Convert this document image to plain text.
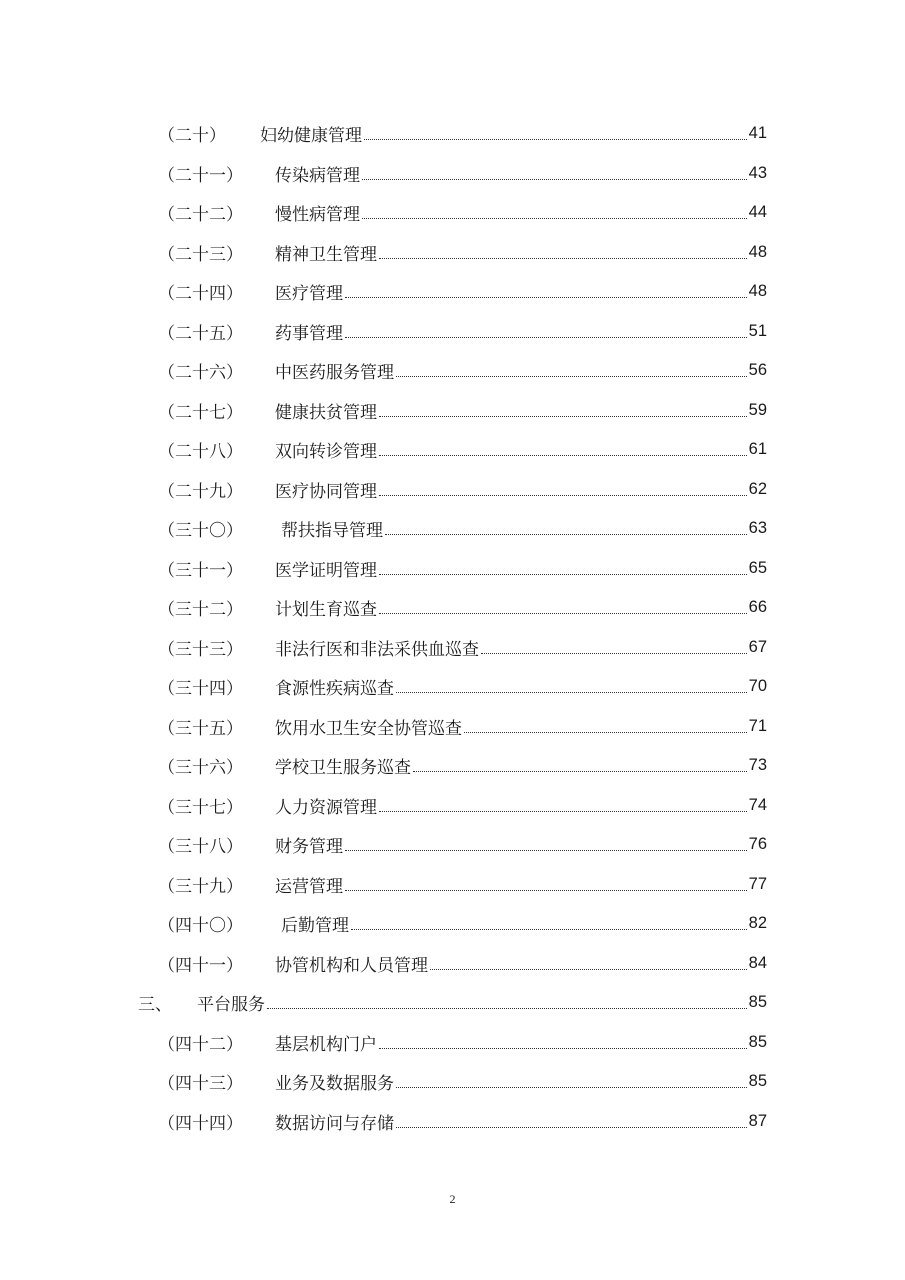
（二十） 妇幼健康管理	41
（二十一） 传染病管理	43
（二十二） 慢性病管理	44
（二十三） 精神卫生管理	48
（二十四） 医疗管理	48
（二十五） 药事管理	51
（二十六） 中医药服务管理	56
（二十七） 健康扶贫管理	59
（二十八） 双向转诊管理	61
（二十九） 医疗协同管理	62
（三十〇） 帮扶指导管理	63
（三十一） 医学证明管理	65
（三十二） 计划生育巡查	66
（三十三） 非法行医和非法采供血巡查	67
（三十四） 食源性疾病巡查	70
（三十五） 饮用水卫生安全协管巡查	71
（三十六） 学校卫生服务巡查	73
（三十七） 人力资源管理	74
（三十八） 财务管理	76
（三十九） 运营管理	77
（四十〇） 后勤管理	82
（四十一） 协管机构和人员管理	84
三、 平台服务	85
（四十二） 基层机构门户	85
（四十三） 业务及数据服务	85
（四十四） 数据访问与存储	87
2
